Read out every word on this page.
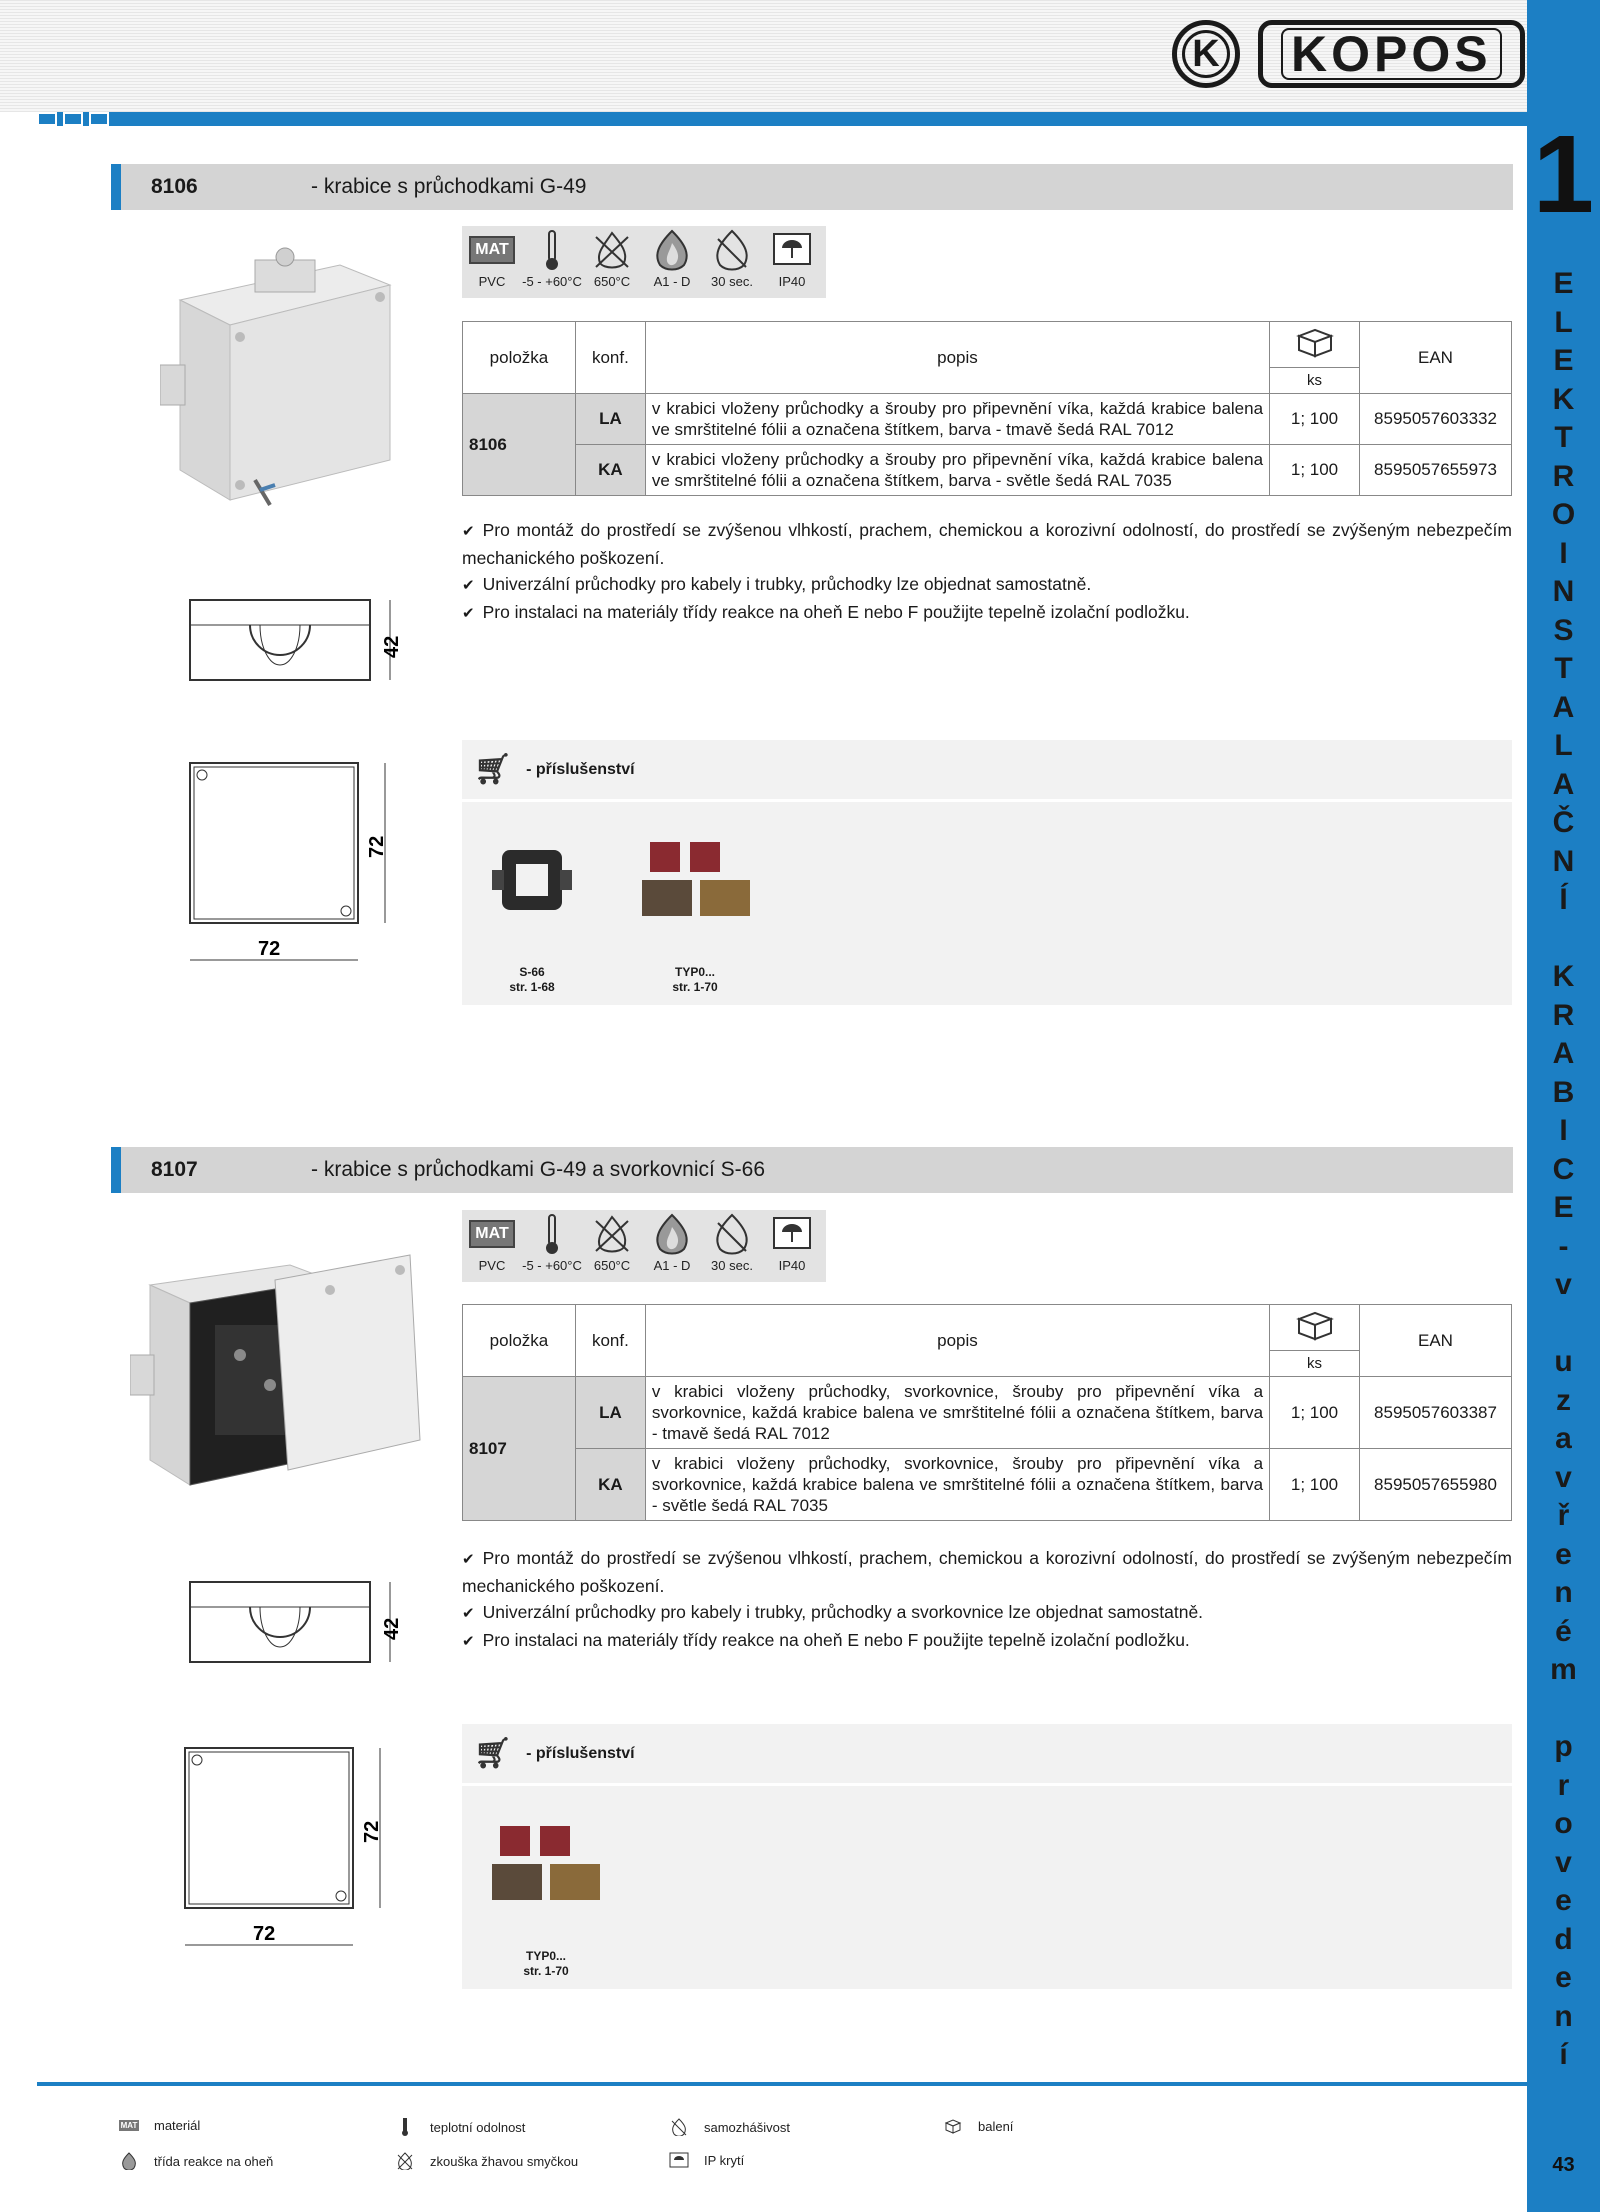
K	KOPOS
1
E
L
E
K
T
R
O
I
N
S
T
A
L
A
Č
N
Í
K
R
A
B
I
C
E
-
v
u
z
a
v
ř
e
n
é
m
p
r
o
v
e
d
e
n
í
43
8106	- krabice s průchodkami G-49
42
72
72
MAT
PVC	-5 - +60°C 650°C	A1 - D	30 sec.	IP40
položka	konf.	popis		EAN
			ks	
8106	LA	v krabici vloženy průchodky a šrouby pro připevnění víka, každá krabice balena ve smrštitelné fólii a označena štítkem, barva - tmavě šedá RAL 7012	1; 100	8595057603332
	KA	v krabici vloženy průchodky a šrouby pro připevnění víka, každá krabice balena ve smrštitelné fólii a označena štítkem, barva - světle šedá RAL 7035	1; 100	8595057655973

✔ Pro montáž do prostředí se zvýšenou vlhkostí, prachem, chemickou a korozivní odolností, do prostředí se zvýšeným nebezpečím mechanického poškození.

✔ Univerzální průchodky pro kabely i trubky, průchodky lze objednat samostatně.

✔ Pro instalaci na materiály třídy reakce na oheň E nebo F použijte tepelně izolační podložku.

🛒︎ - příslušenství
S-66
str. 1-68
TYP0...
str. 1-70
8107	- krabice s průchodkami G-49 a svorkovnicí S-66
42
72
72
MAT
PVC	-5 - +60°C 650°C	A1 - D	30 sec.	IP40
položka	konf.	popis		EAN
			ks	
8107	LA	v krabici vloženy průchodky, svorkovnice, šrouby pro připevnění víka a svorkovnice, každá krabice balena ve smrštitelné fólii a označena štítkem, barva - tmavě šedá RAL 7012	1; 100	8595057603387
	KA	v krabici vloženy průchodky, svorkovnice, šrouby pro připevnění víka a svorkovnice, každá krabice balena ve smrštitelné fólii a označena štítkem, barva - světle šedá RAL 7035	1; 100	8595057655980

✔ Pro montáž do prostředí se zvýšenou vlhkostí, prachem, chemickou a korozivní odolností, do prostředí se zvýšeným nebezpečím mechanického poškození.

✔ Univerzální průchodky pro kabely i trubky, průchodky a svorkovnice lze objednat samostatně.

✔ Pro instalaci na materiály třídy reakce na oheň E nebo F použijte tepelně izolační podložku.

🛒︎ - příslušenství
TYP0...
str. 1-70
MAT materiál	teplotní odolnost	samozhášivost	balení
třída reakce na oheň	zkouška žhavou smyčkou	IP krytí
